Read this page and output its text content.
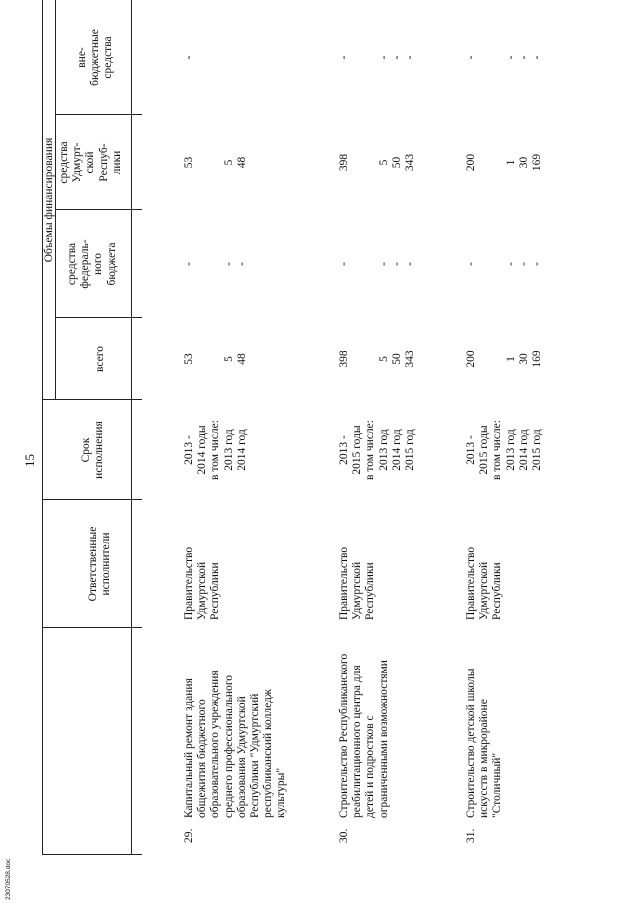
15
Ответственные
исполнители
Срок
исполнения
Объемы финансирования
всего
средства
федераль-
ного
бюджета
средства
Удмурт-
ской
Респуб-
лики
вне-
бюджетные
средства
29.
Капитальный ремонт здания
общежития бюджетного
образовательного учреждения
среднего профессионального
образования Удмуртской
Республики "Удмуртский
республиканский колледж
культуры"
Правительство
Удмуртской
Республики
2013 -
2014 годы
в том числе:
2013 год
2014 год
53

5
48
-

-
-
53

5
48
-
30.
Строительство Республиканского
реабилитационного центра для
детей и подростков с
ограниченными возможностями
Правительство
Удмуртской
Республики
2013 -
2015 годы
в том числе:
2013 год
2014 год
2015 год
398

5
50
343
-

-
-
-
398

5
50
343
-

-
-
-
31.
Строительство детской школы
искусств в микрорайоне
"Столичный"
Правительство
Удмуртской
Республики
2013 -
2015 годы
в том числе:
2013 год
2014 год
2015 год
200

1
30
169
-

-
-
-
200

1
30
169
-

-
-
-
23070528.doc
